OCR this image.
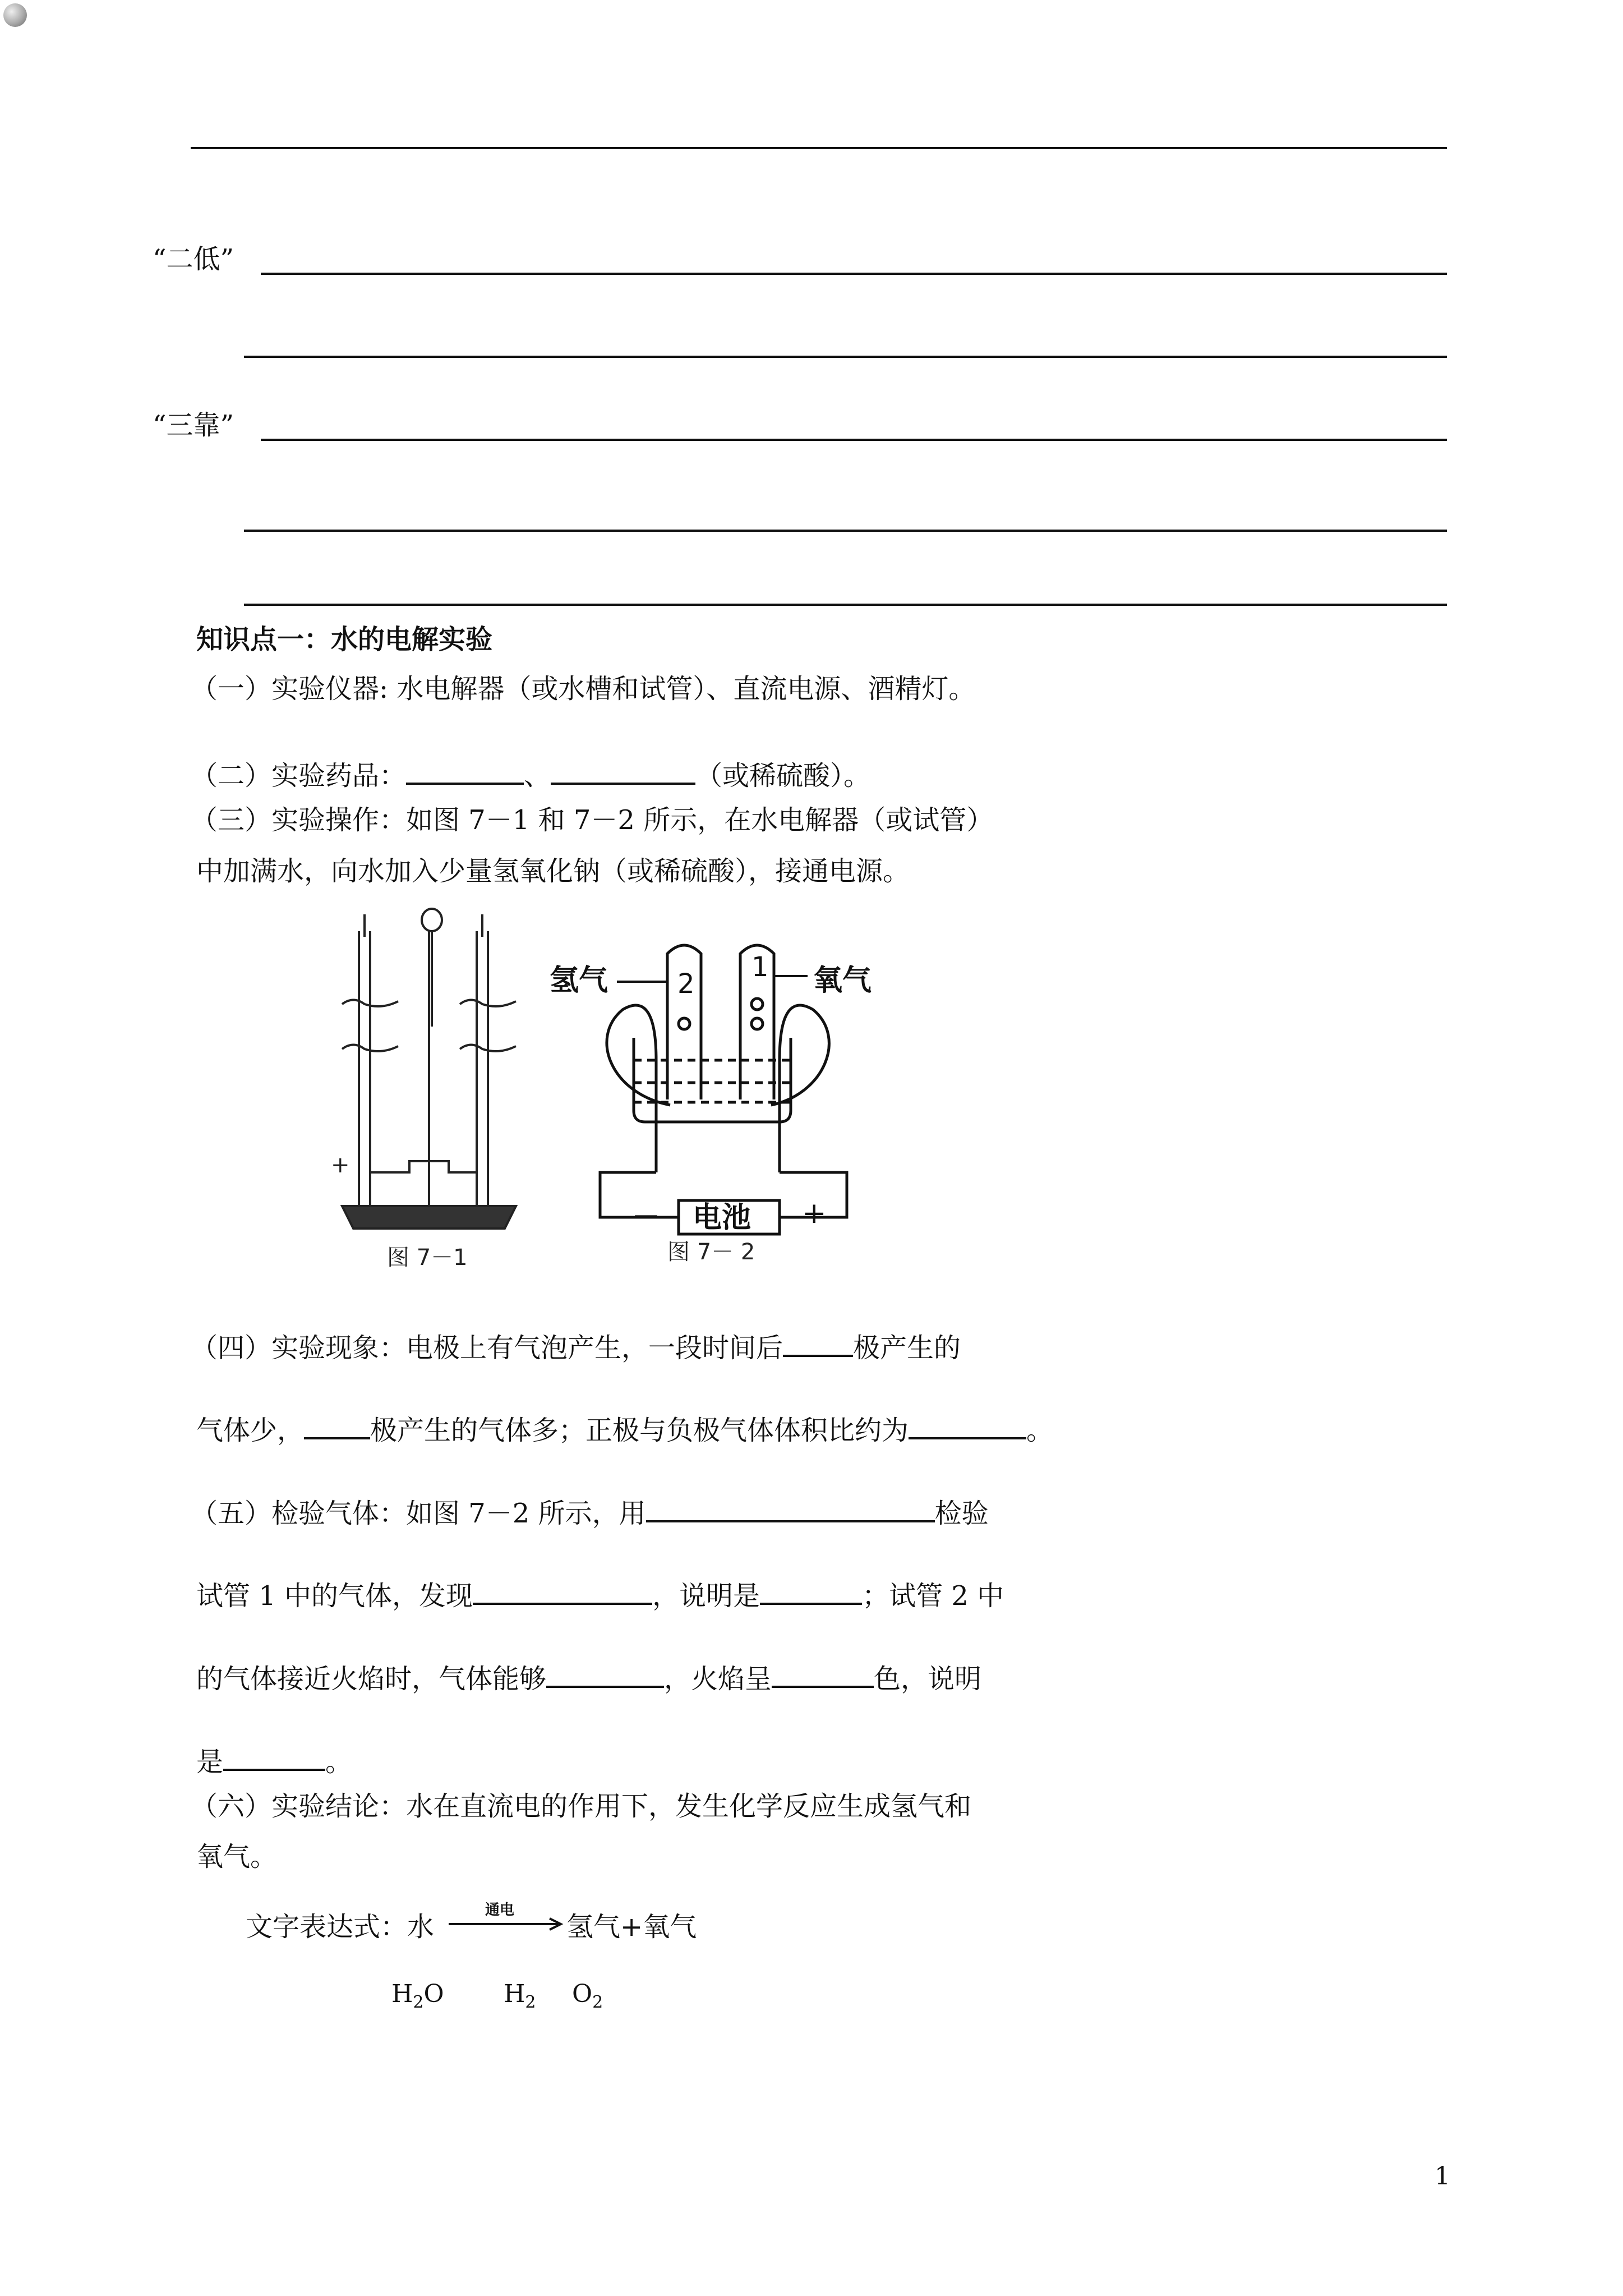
“二低”
“三靠”
知识点一：水的电解实验
（一）实验仪器: 水电解器（或水槽和试管）、直流电源、酒精灯。
（二）实验药品：	、	（或稀硫酸）。
（三）实验操作：如图 7－1 和 7－2 所示，在水电解器（或试管）
中加满水，向水加入少量氢氧化钠（或稀硫酸），接通电源。
+
图 7－1
2
1
氢气	氧气
电池
—	+
图 7－ 2
（四）实验现象：电极上有气泡产生，一段时间后	极产生的
气体少， 极产生的气体多；正极与负极气体体积比约为	。
（五）检验气体：如图 7－2 所示，用	检验
试管 1 中的气体，发现	，说明是	；试管 2 中
的气体接近火焰时，气体能够	，火焰呈	色，说明
是	。
（六）实验结论：水在直流电的作用下，发生化学反应生成氢气和
氧气。
文字表达式：水
通电
氢气+氧气
$H_2O$ $H_2$ $O_2$
1
